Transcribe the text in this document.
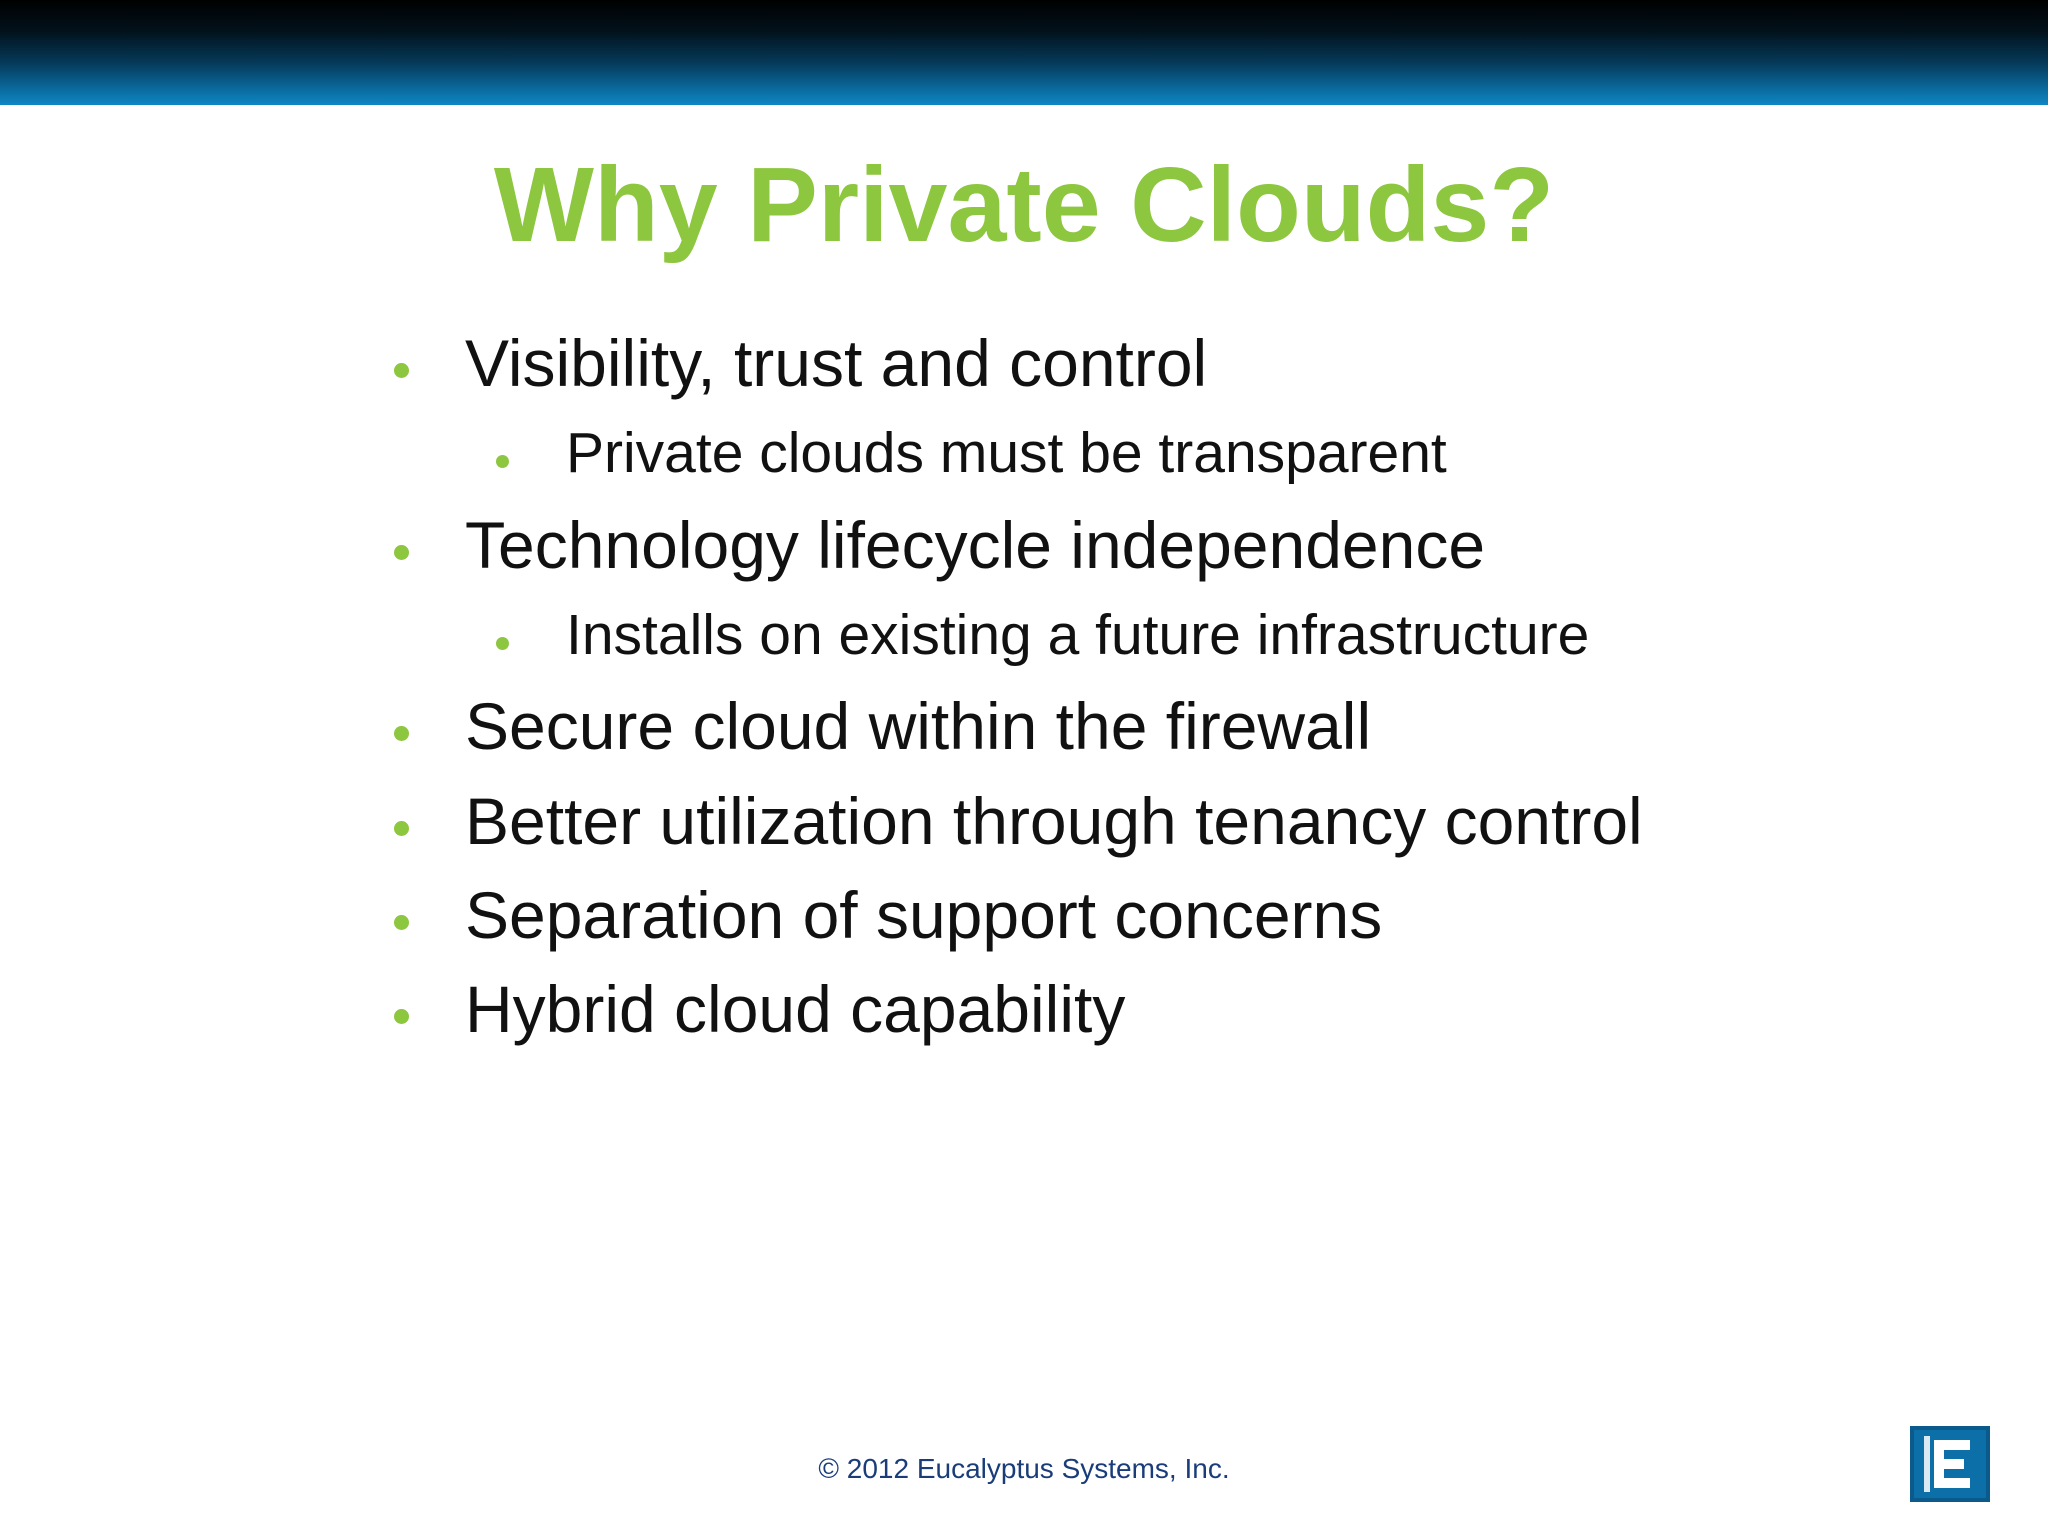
Why Private Clouds?
Visibility, trust and control
Private clouds must be transparent
Technology lifecycle independence
Installs on existing a future infrastructure
Secure cloud within the firewall
Better utilization through tenancy control
Separation of support concerns
Hybrid cloud capability
© 2012 Eucalyptus Systems, Inc.
